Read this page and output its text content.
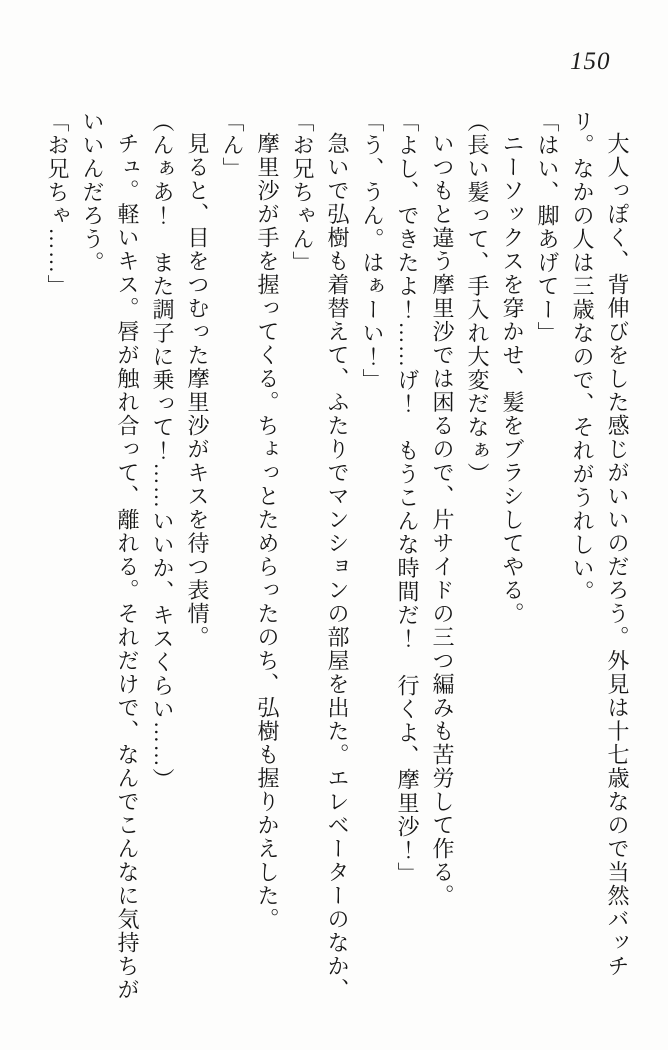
150

大人っぽく、背伸びをした感じがいいのだろう。外見は十七歳なので当然バッチリ。なかの人は三歳なので、それがうれしい。

「はい、脚あげてー」

ニーソックスを穿かせ、髪をブラシしてやる。

（長い髪って、手入れ大変だなぁ）

いつもと違う摩里沙では困るので、片サイドの三つ編みも苦労して作る。

「よし、できたよ！……げ！　もうこんな時間だ！　行くよ、摩里沙！」

「う、うん。はぁーい！」

急いで弘樹も着替えて、ふたりでマンションの部屋を出た。エレベーターのなか、

「お兄ちゃん」

摩里沙が手を握ってくる。ちょっとためらったのち、弘樹も握りかえした。

「ん」

見ると、目をつむった摩里沙がキスを待つ表情。

（んぁあ！　また調子に乗って！……いいか、キスくらい……）

チュ。軽いキス。唇が触れ合って、離れる。それだけで、なんでこんなに気持ちがいいんだろう。

「お兄ちゃ……」
